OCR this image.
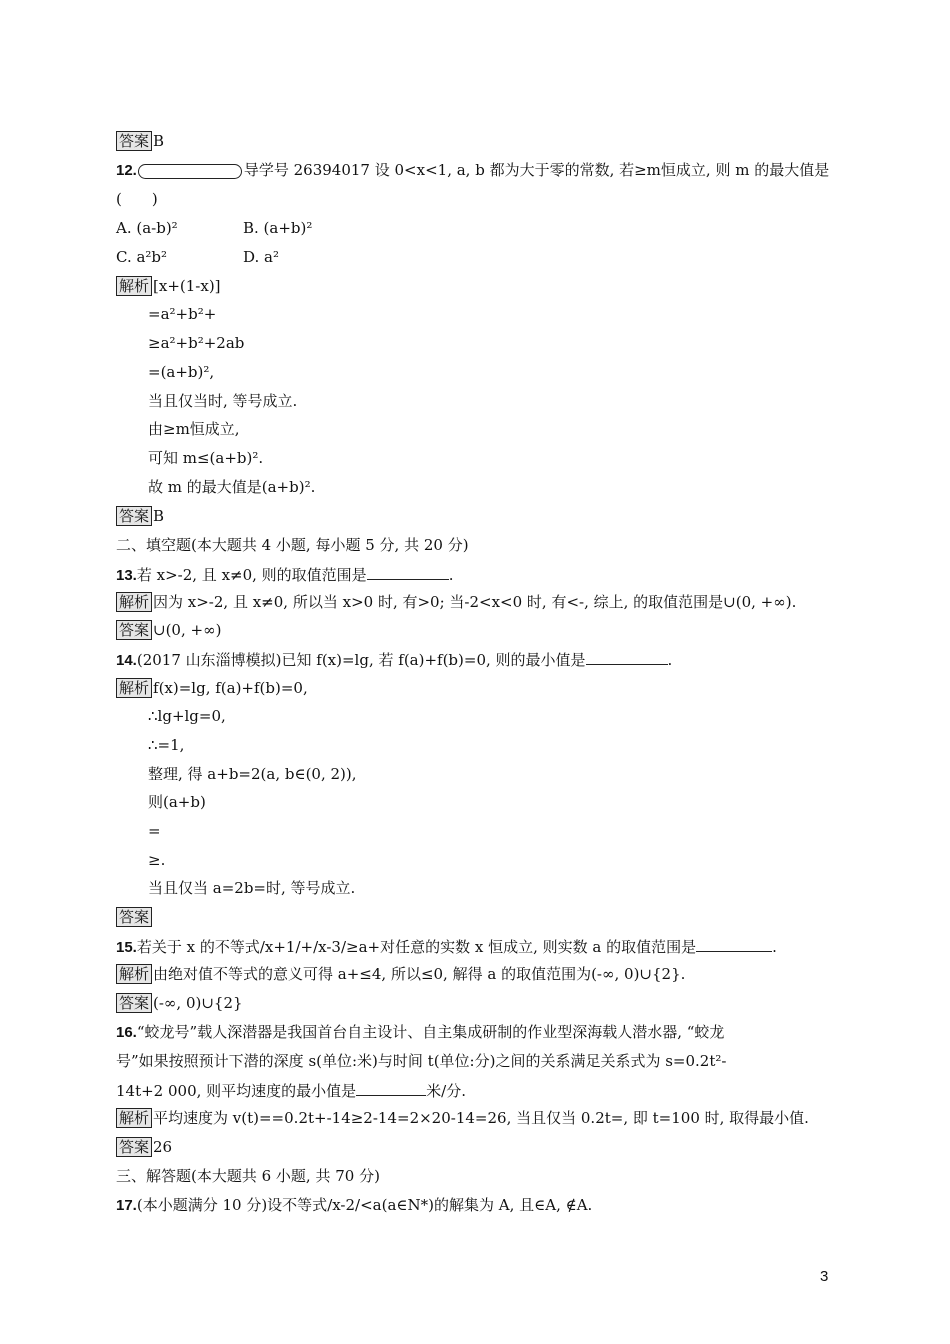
答案 B
12.	导学号 26394017 设 0<x<1, a, b 都为大于零的常数, 若≥m恒成立, 则 m 的最大值是
(　　)
A. (a-b)²	B. (a+b)²
C. a²b²	D. a²
解析 [x+(1-x)]
=a²+b²+
≥a²+b²+2ab
=(a+b)²,
当且仅当时, 等号成立.
由≥m恒成立,
可知 m≤(a+b)².
故 m 的最大值是(a+b)².
答案 B
二、填空题(本大题共 4 小题, 每小题 5 分, 共 20 分)
13.若 x>-2, 且 x≠0, 则的取值范围是	.
解析 因为 x>-2, 且 x≠0, 所以当 x>0 时, 有>0; 当-2<x<0 时, 有<-, 综上, 的取值范围是∪(0, +∞).
答案 ∪(0, +∞)
14.(2017 山东淄博模拟)已知 f(x)=lg, 若 f(a)+f(b)=0, 则的最小值是	.
解析 f(x)=lg, f(a)+f(b)=0,
∴lg+lg=0,
∴=1,
整理, 得 a+b=2(a, b∈(0, 2)),
则(a+b)
=
≥.
当且仅当 a=2b=时, 等号成立.
答案
15.若关于 x 的不等式/x+1/+/x-3/≥a+对任意的实数 x 恒成立, 则实数 a 的取值范围是	.
解析 由绝对值不等式的意义可得 a+≤4, 所以≤0, 解得 a 的取值范围为(-∞, 0)∪{2}.
答案 (-∞, 0)∪{2}
16.“蛟龙号”载人深潜器是我国首台自主设计、自主集成研制的作业型深海载人潜水器, “蛟龙
号”如果按照预计下潜的深度 s(单位:米)与时间 t(单位:分)之间的关系满足关系式为 s=0.2t²-
14t+2 000, 则平均速度的最小值是	米/分.
解析 平均速度为 v(t)==0.2t+-14≥2-14=2×20-14=26, 当且仅当 0.2t=, 即 t=100 时, 取得最小值.
答案 26
三、解答题(本大题共 6 小题, 共 70 分)
17.(本小题满分 10 分)设不等式/x-2/<a(a∈N*)的解集为 A, 且∈A, ∉A.
3
